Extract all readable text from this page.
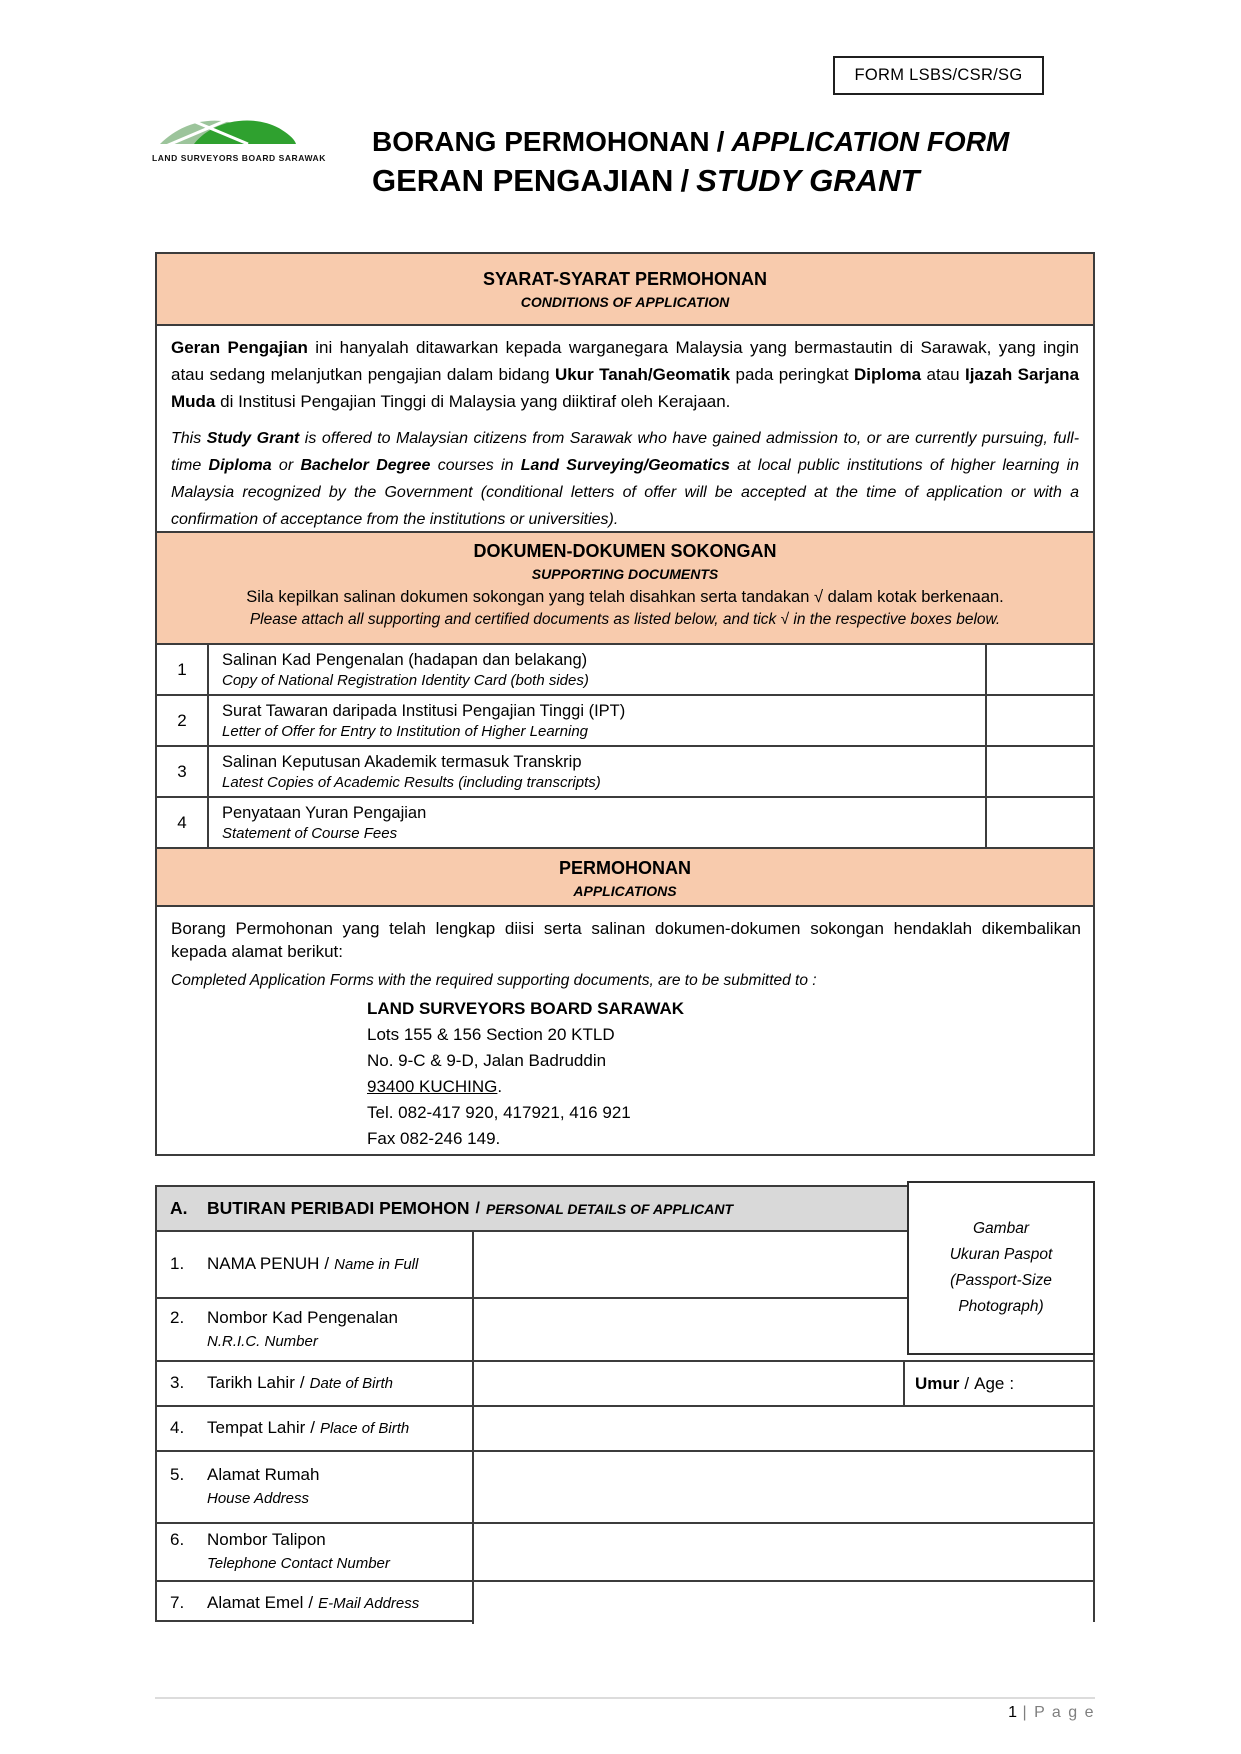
FORM LSBS/CSR/SG
LAND SURVEYORS BOARD SARAWAK
BORANG PERMOHONAN / APPLICATION FORM
GERAN PENGAJIAN / STUDY GRANT
SYARAT-SYARAT PERMOHONAN
CONDITIONS OF APPLICATION

Geran Pengajian ini hanyalah ditawarkan kepada warganegara Malaysia yang bermastautin di Sarawak, yang ingin atau sedang melanjutkan pengajian dalam bidang Ukur Tanah/Geomatik pada peringkat Diploma atau Ijazah Sarjana Muda di Institusi Pengajian Tinggi di Malaysia yang diiktiraf oleh Kerajaan.

This Study Grant is offered to Malaysian citizens from Sarawak who have gained admission to, or are currently pursuing, full-time Diploma or Bachelor Degree courses in Land Surveying/Geomatics at local public institutions of higher learning in Malaysia recognized by the Government (conditional letters of offer will be accepted at the time of application or with a confirmation of acceptance from the institutions or universities).

DOKUMEN-DOKUMEN SOKONGAN
SUPPORTING DOCUMENTS
Sila kepilkan salinan dokumen sokongan yang telah disahkan serta tandakan √ dalam kotak berkenaan.
Please attach all supporting and certified documents as listed below, and tick √ in the respective boxes below.
1	Salinan Kad Pengenalan (hadapan dan belakang)
Copy of National Registration Identity Card (both sides)
2	Surat Tawaran daripada Institusi Pengajian Tinggi (IPT)
Letter of Offer for Entry to Institution of Higher Learning
3	Salinan Keputusan Akademik termasuk Transkrip
Latest Copies of Academic Results (including transcripts)
4	Penyataan Yuran Pengajian
Statement of Course Fees
PERMOHONAN
APPLICATIONS

Borang Permohonan yang telah lengkap diisi serta salinan dokumen-dokumen sokongan hendaklah dikembalikan kepada alamat berikut:

Completed Application Forms with the required supporting documents, are to be submitted to :

LAND SURVEYORS BOARD SARAWAK
Lots 155 & 156 Section 20 KTLD
No. 9-C & 9-D, Jalan Badruddin
93400 KUCHING.
Tel. 082-417 920, 417921, 416 921
Fax 082-246 149.
A.	BUTIRAN PERIBADI PEMOHON / PERSONAL DETAILS OF APPLICANT
1.	NAMA PENUH / Name in Full
2.	Nombor Kad Pengenalan
N.R.I.C. Number
3.	Tarikh Lahir / Date of Birth	Umur / Age :
4.	Tempat Lahir / Place of Birth
5.	Alamat Rumah
House Address
6.	Nombor Talipon
Telephone Contact Number
7.	Alamat Emel / E-Mail Address
Gambar
Ukuran Paspot
(Passport-Size
Photograph)
1 | P a g e
